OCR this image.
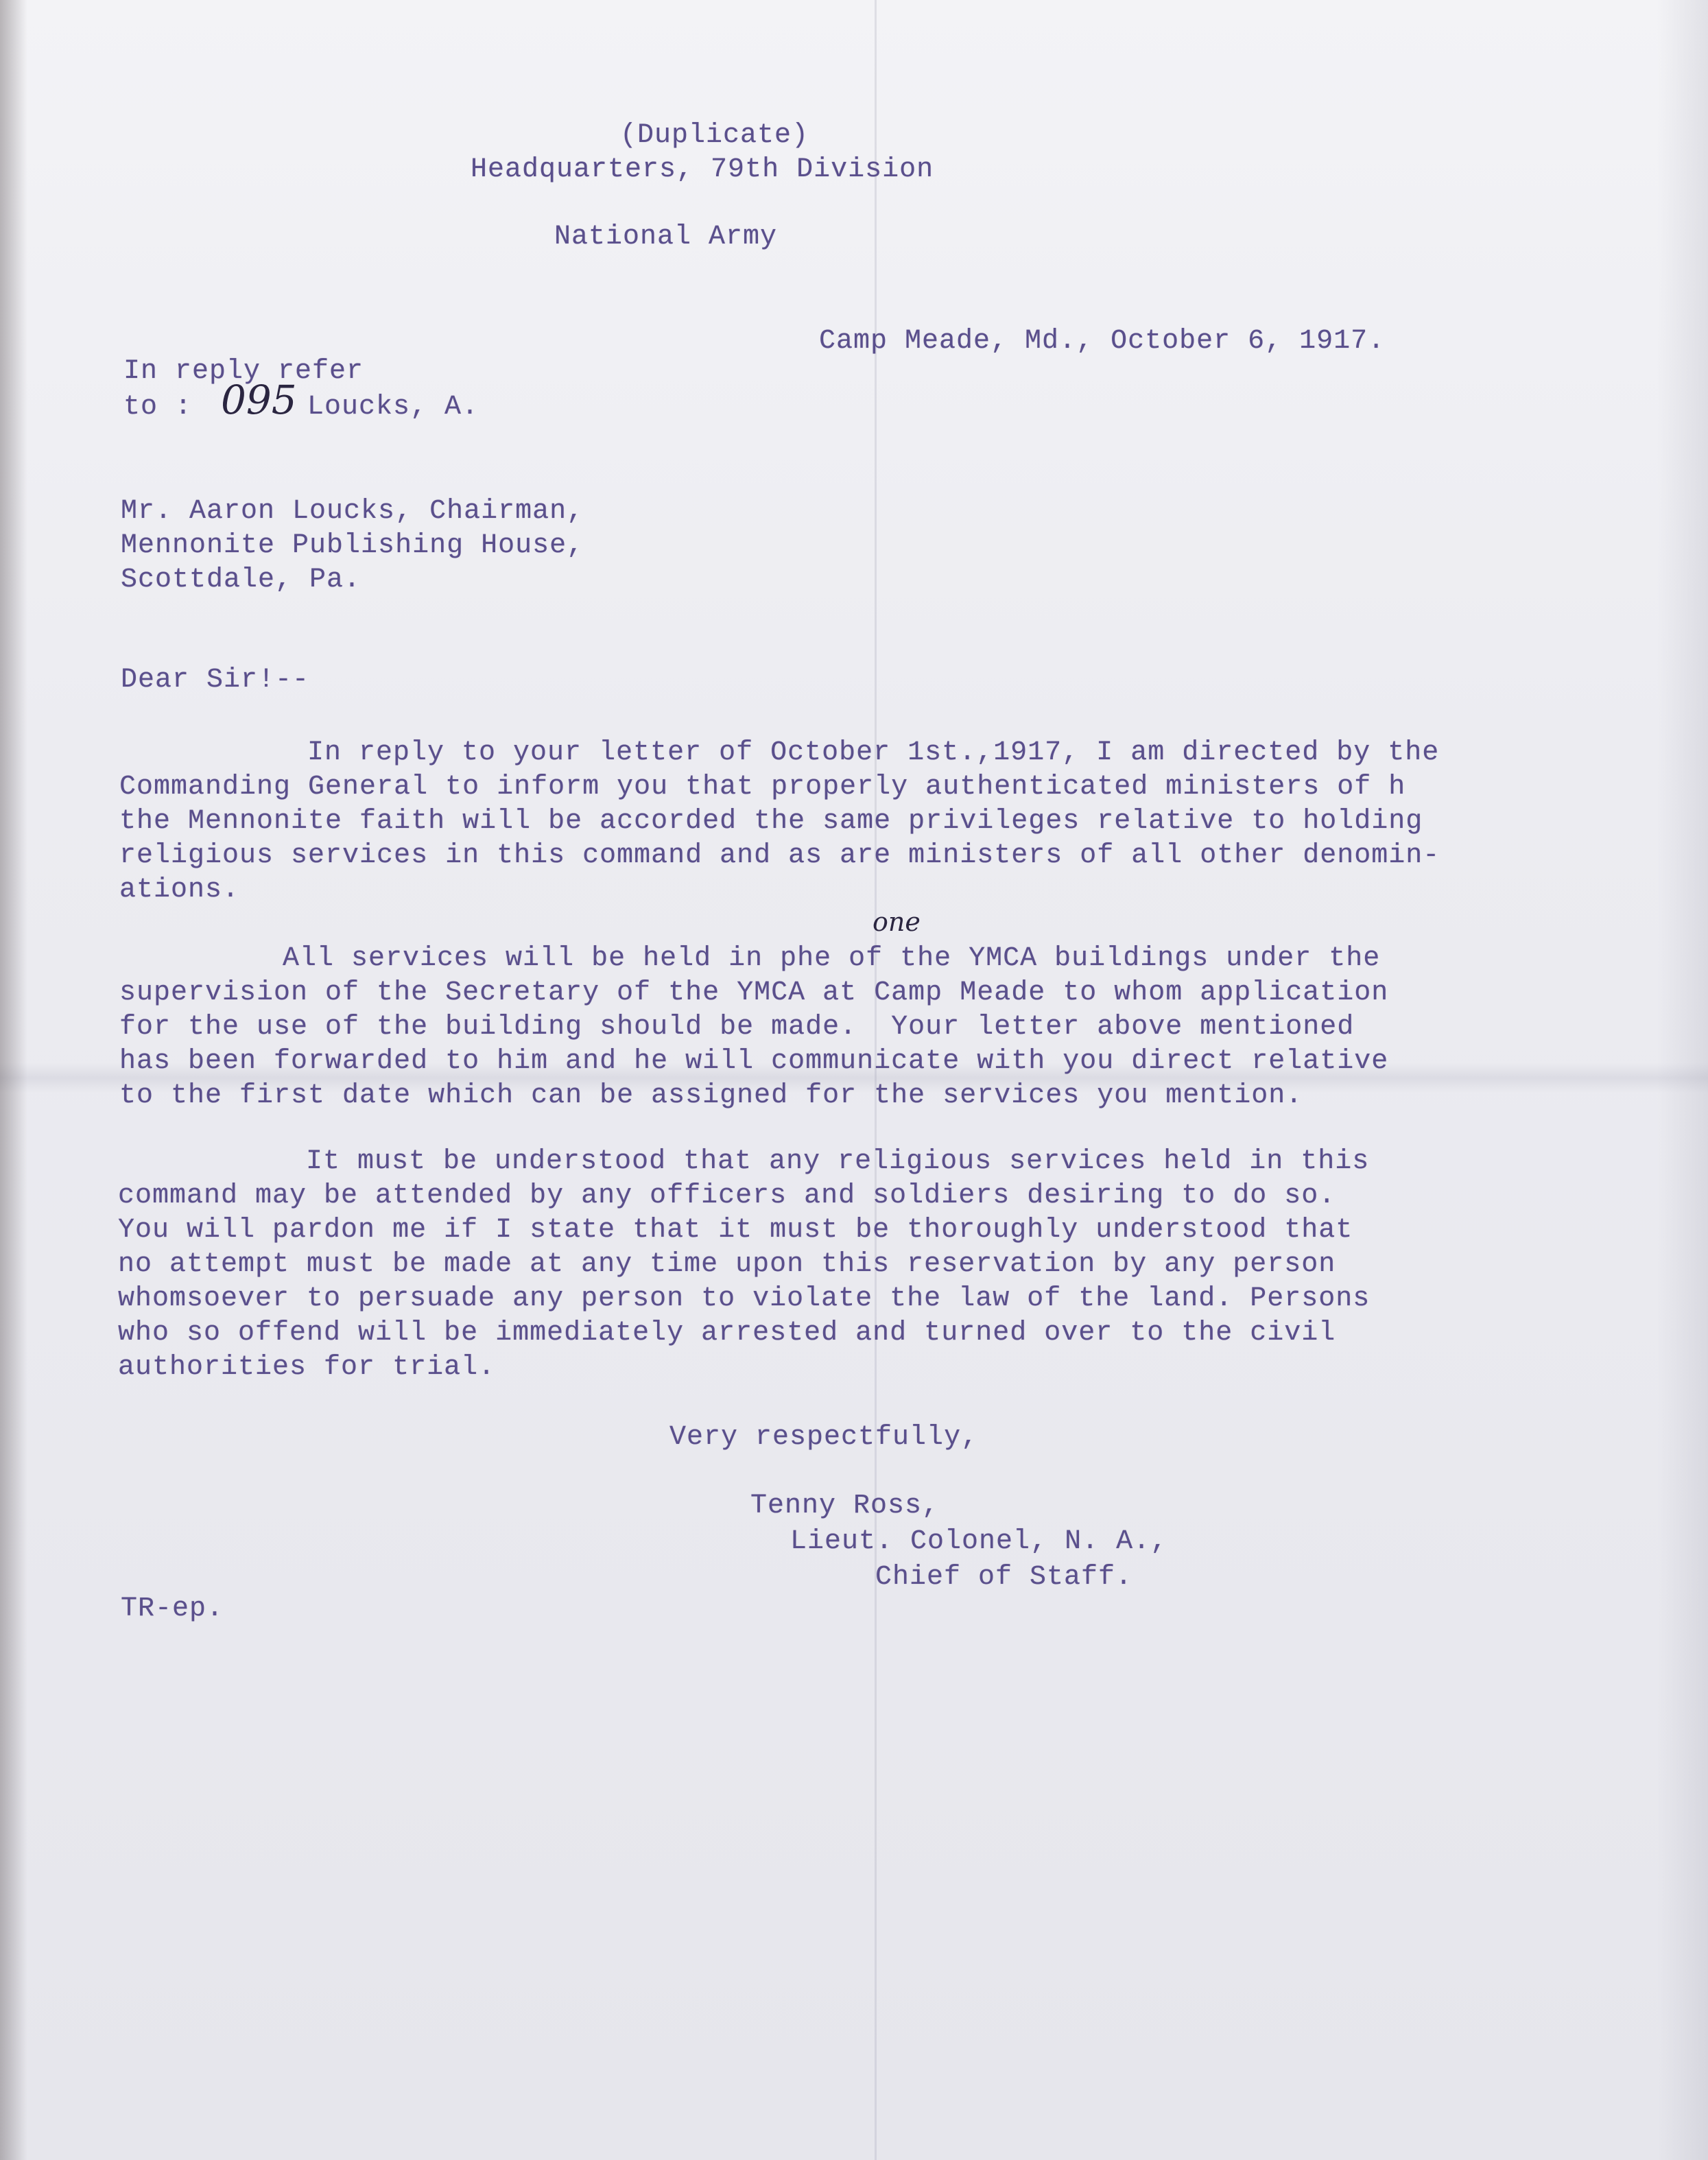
(Duplicate)
Headquarters, 79th Division
National Army
Camp Meade, Md., October 6, 1917.
In reply refer
to : 095 Loucks, A.
Mr. Aaron Loucks, Chairman,
Mennonite Publishing House,
Scottdale, Pa.
Dear Sir!--
In reply to your letter of October 1st.,1917, I am directed by the
Commanding General to inform you that properly authenticated ministers of h
the Mennonite faith will be accorded the same privileges relative to holding
religious services in this command and as are ministers of all other denomin-
ations.
one
All services will be held in phe of the YMCA buildings under the
supervision of the Secretary of the YMCA at Camp Meade to whom application
for the use of the building should be made.  Your letter above mentioned
has been forwarded to him and he will communicate with you direct relative
to the first date which can be assigned for the services you mention.
It must be understood that any religious services held in this
command may be attended by any officers and soldiers desiring to do so.
You will pardon me if I state that it must be thoroughly understood that
no attempt must be made at any time upon this reservation by any person
whomsoever to persuade any person to violate the law of the land. Persons
who so offend will be immediately arrested and turned over to the civil
authorities for trial.
Very respectfully,
Tenny Ross,
Lieut. Colonel, N. A.,
Chief of Staff.
TR-ep.
